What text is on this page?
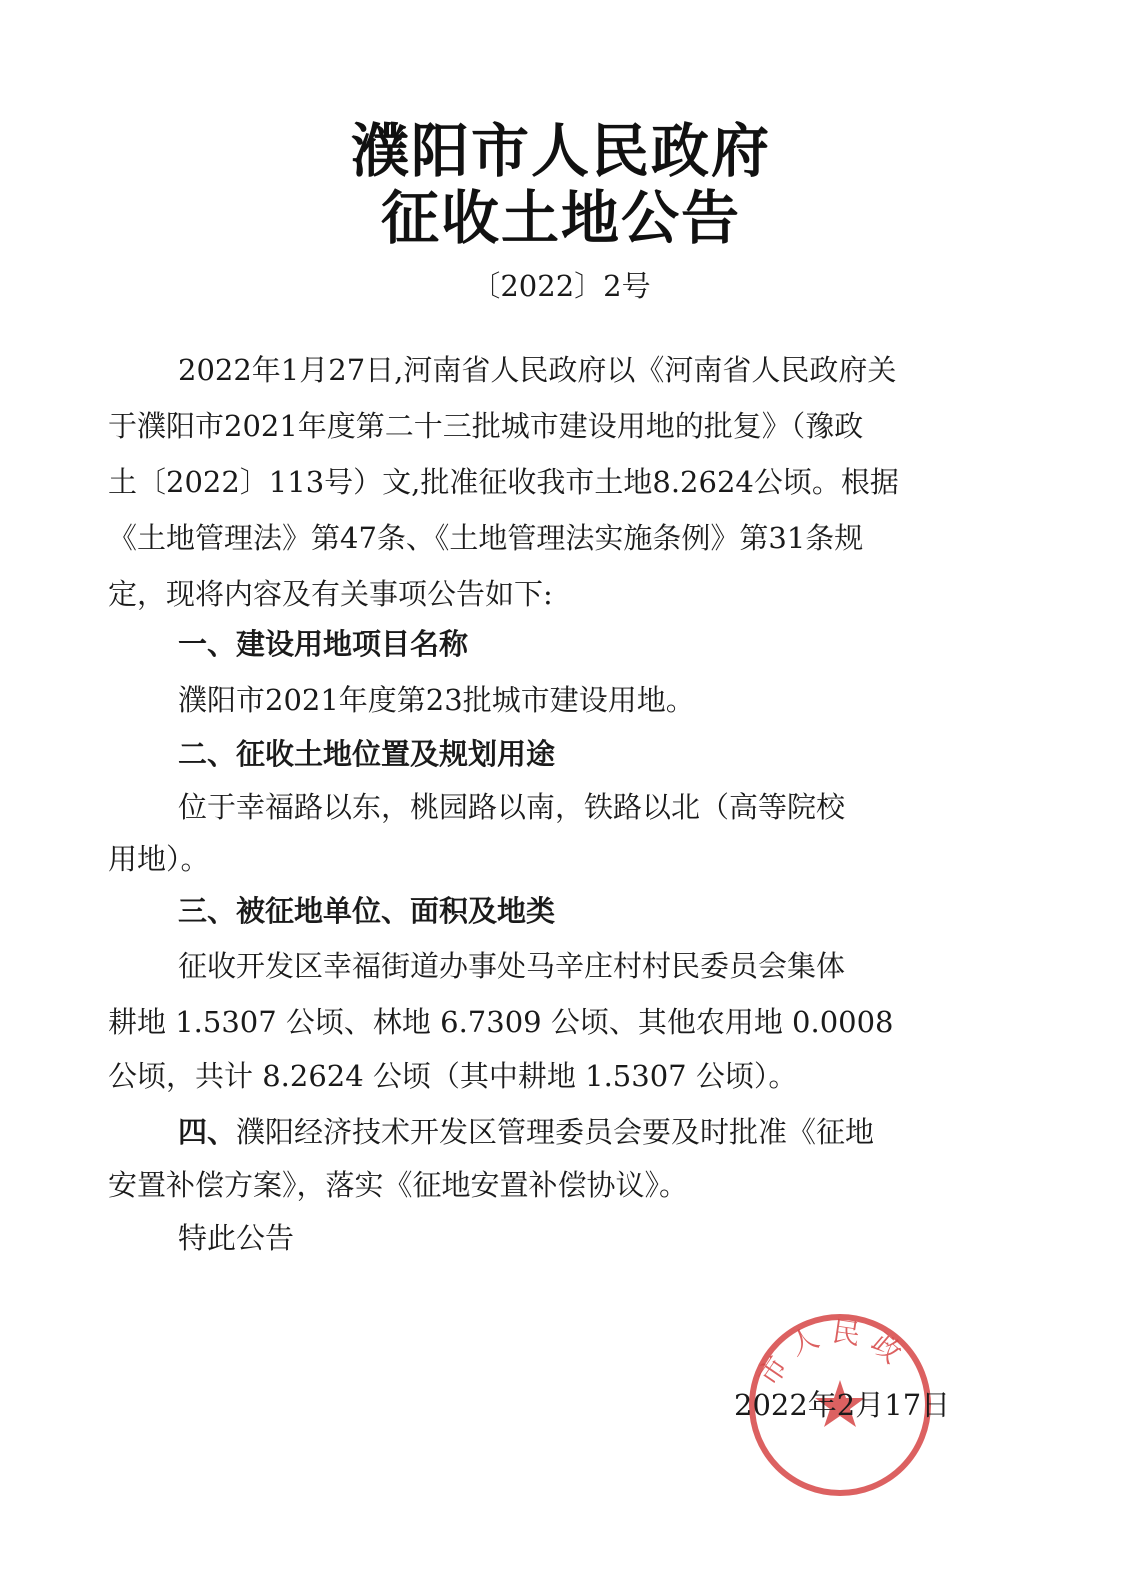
濮阳市人民政府
征收土地公告
〔2022〕2号
2022年1月27日,河南省人民政府以《河南省人民政府关
于濮阳市2021年度第二十三批城市建设用地的批复》（豫政
土〔2022〕113号）文,批准征收我市土地8.2624公顷。根据
《土地管理法》第47条、《土地管理法实施条例》第31条规
定，现将内容及有关事项公告如下:
一、建设用地项目名称
濮阳市2021年度第23批城市建设用地。
二、征收土地位置及规划用途
位于幸福路以东，桃园路以南，铁路以北（高等院校
用地）。
三、被征地单位、面积及地类
征收开发区幸福街道办事处马辛庄村村民委员会集体
耕地 1.5307 公顷、林地 6.7309 公顷、其他农用地 0.0008
公顷，共计 8.2624 公顷（其中耕地 1.5307 公顷）。
四、濮阳经济技术开发区管理委员会要及时批准《征地
安置补偿方案》，落实《征地安置补偿协议》。
特此公告
市人民政
2022年2月17日
